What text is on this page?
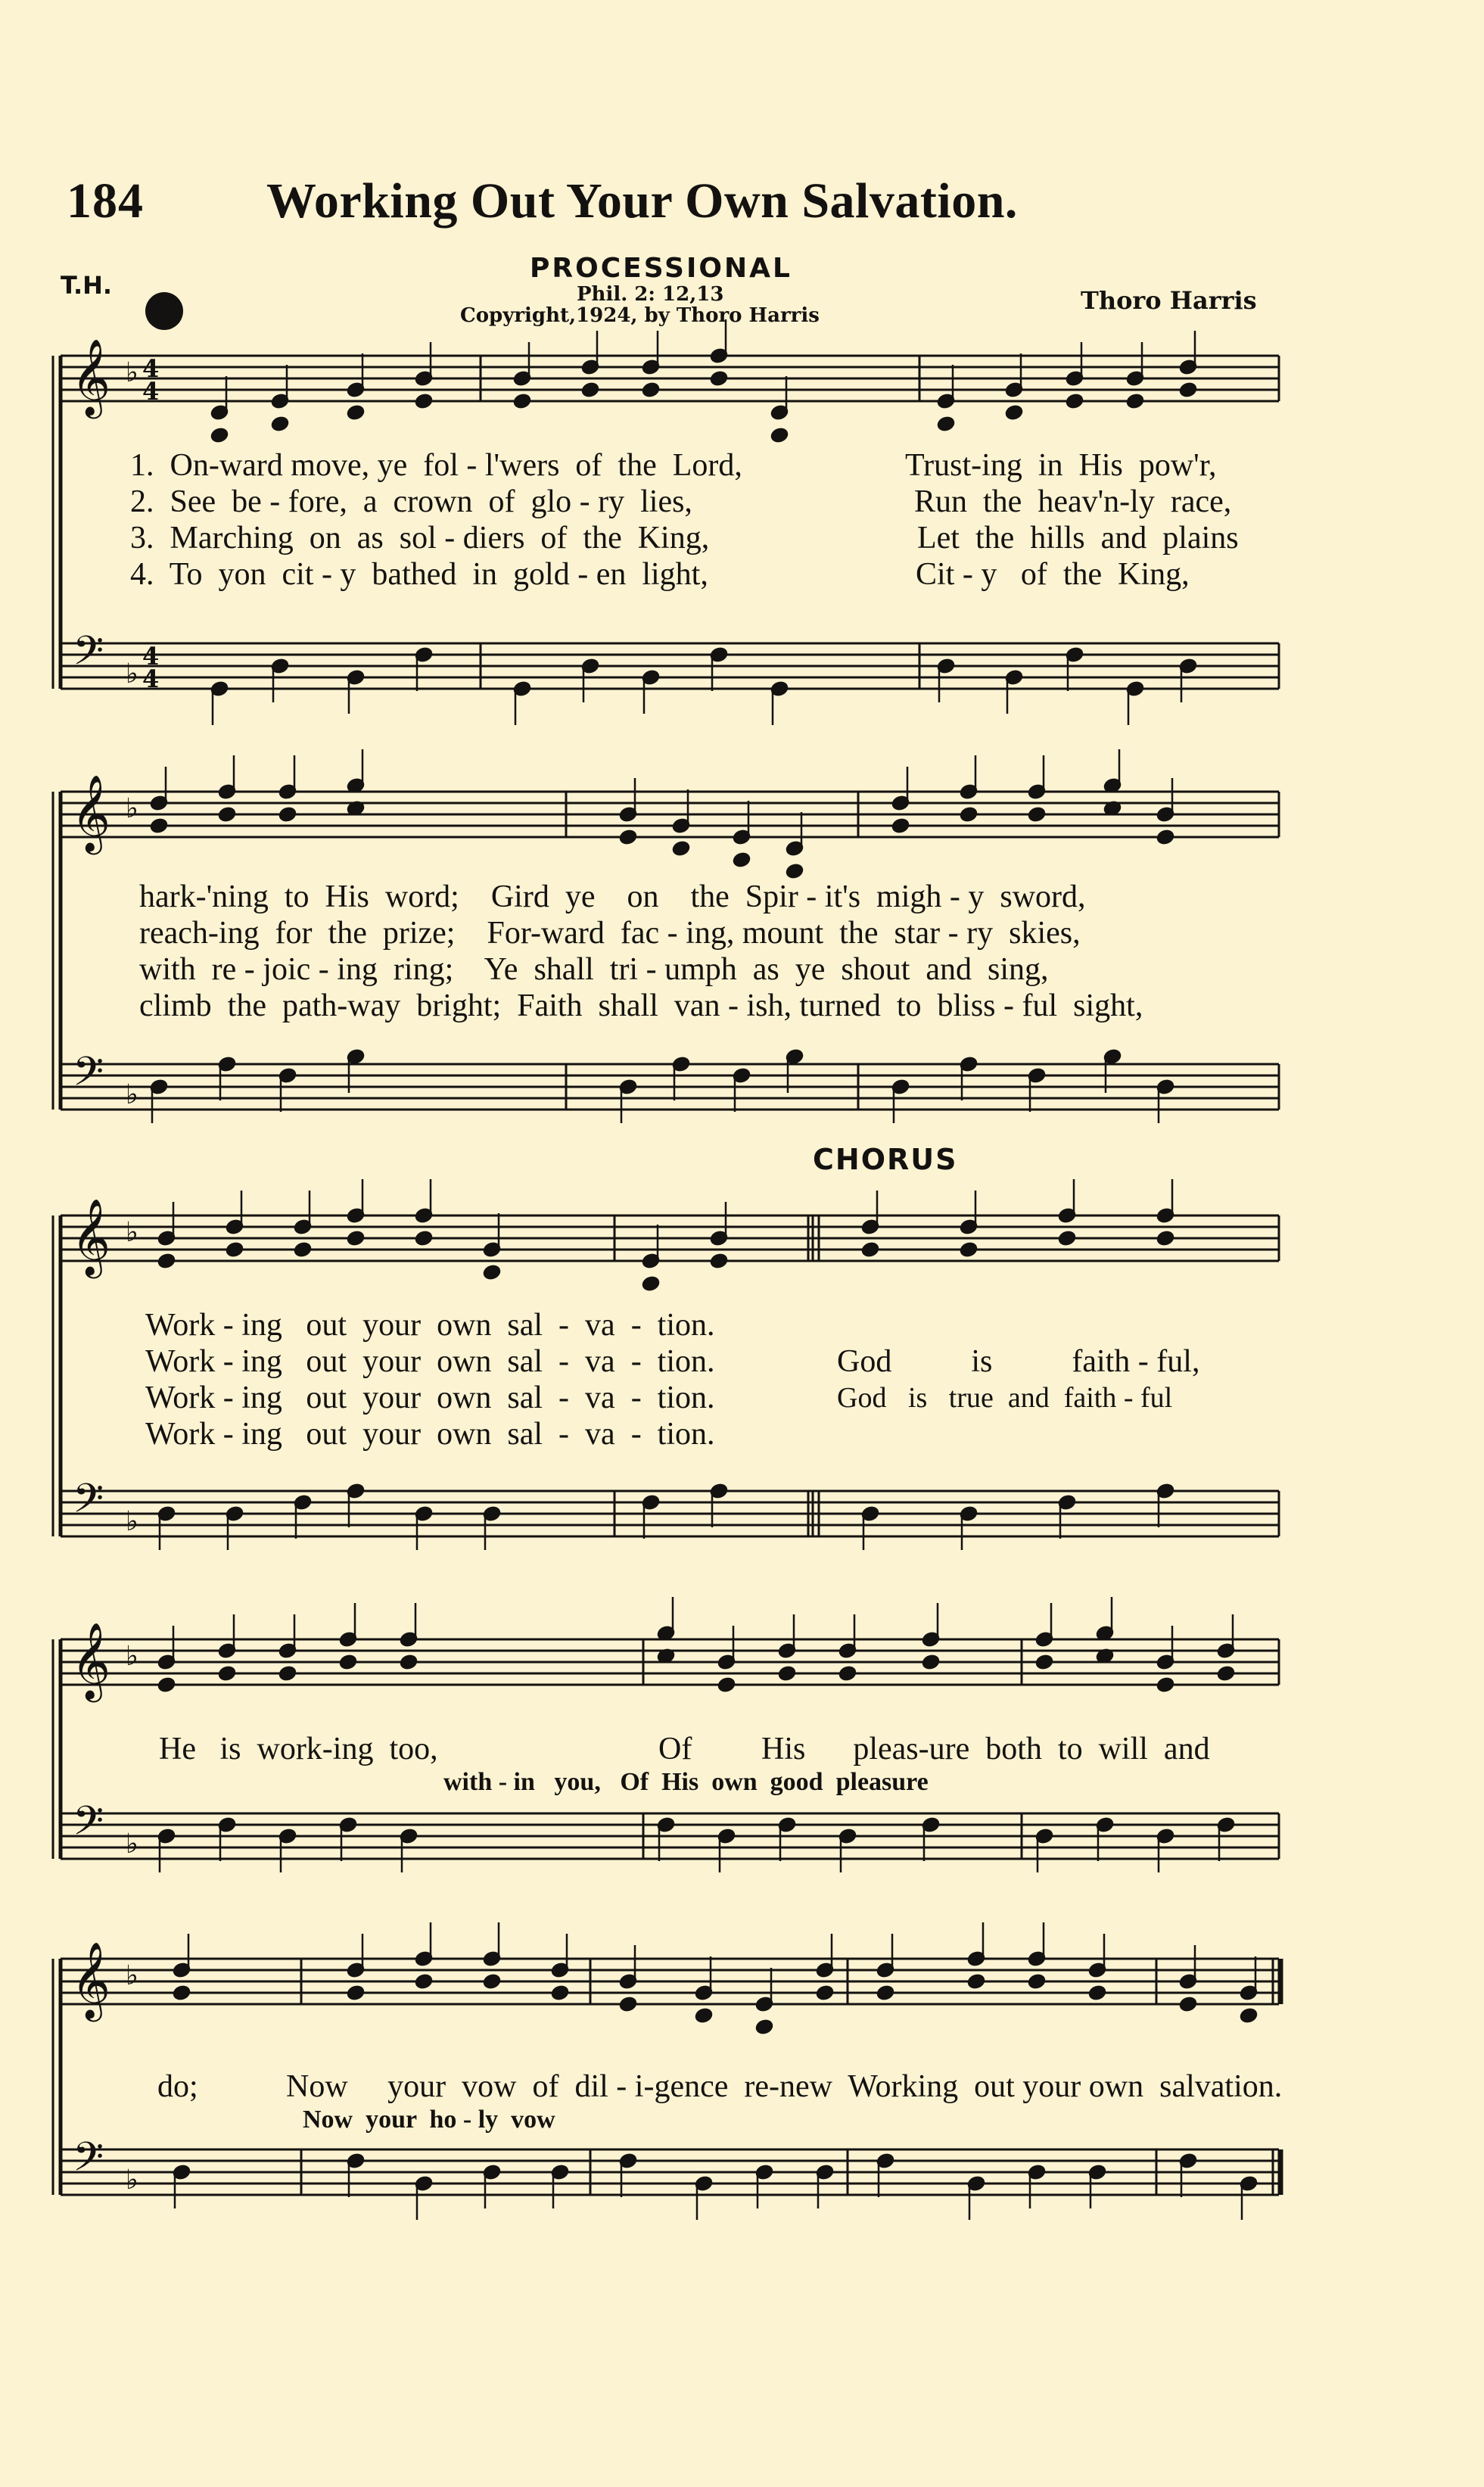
184 Working Out Your Own Salvation.
T.H.
PROCESSIONAL
Phil. 2: 12,13
Copyright,1924, by Thoro Harris
Thoro Harris
𝄞
𝄢
♭
♭
4
4
4
4
𝄞
𝄢
♭
♭
𝄞
𝄢
♭
♭
𝄞
𝄢
♭
♭
𝄞
𝄢
♭
♭
1.  On-ward move, ye  fol - l'wers  of  the  Lord,	Trust-ing  in  His  pow'r,
2.  See  be - fore,  a  crown  of  glo - ry  lies,	Run  the  heav'n-ly  race,
3.  Marching  on  as  sol - diers  of  the  King,	Let  the  hills  and  plains
4.  To  yon  cit - y  bathed  in  gold - en  light,	Cit - y   of  the  King,
hark-'ning  to  His  word;    Gird  ye    on    the  Spir - it's  migh - y  sword,
reach-ing  for  the  prize;    For-ward  fac - ing, mount  the  star - ry  skies,
with  re - joic - ing  ring;    Ye  shall  tri - umph  as  ye  shout  and  sing,
climb  the  path-way  bright;  Faith  shall  van - ish, turned  to  bliss - ful  sight,
CHORUS
Work - ing   out  your  own  sal  -  va  -  tion.
Work - ing   out  your  own  sal  -  va  -  tion.
Work - ing   out  your  own  sal  -  va  -  tion.
Work - ing   out  your  own  sal  -  va  -  tion.
God          is          faith - ful,
God   is   true  and  faith - ful
He   is  work-ing  too,	Of His      pleas-ure  both  to  will  and
with - in   you,   Of  His  own  good  pleasure
do;	Now     your  vow  of  dil - i-gence  re-new  Working  out your own  salvation.
Now  your  ho - ly  vow
